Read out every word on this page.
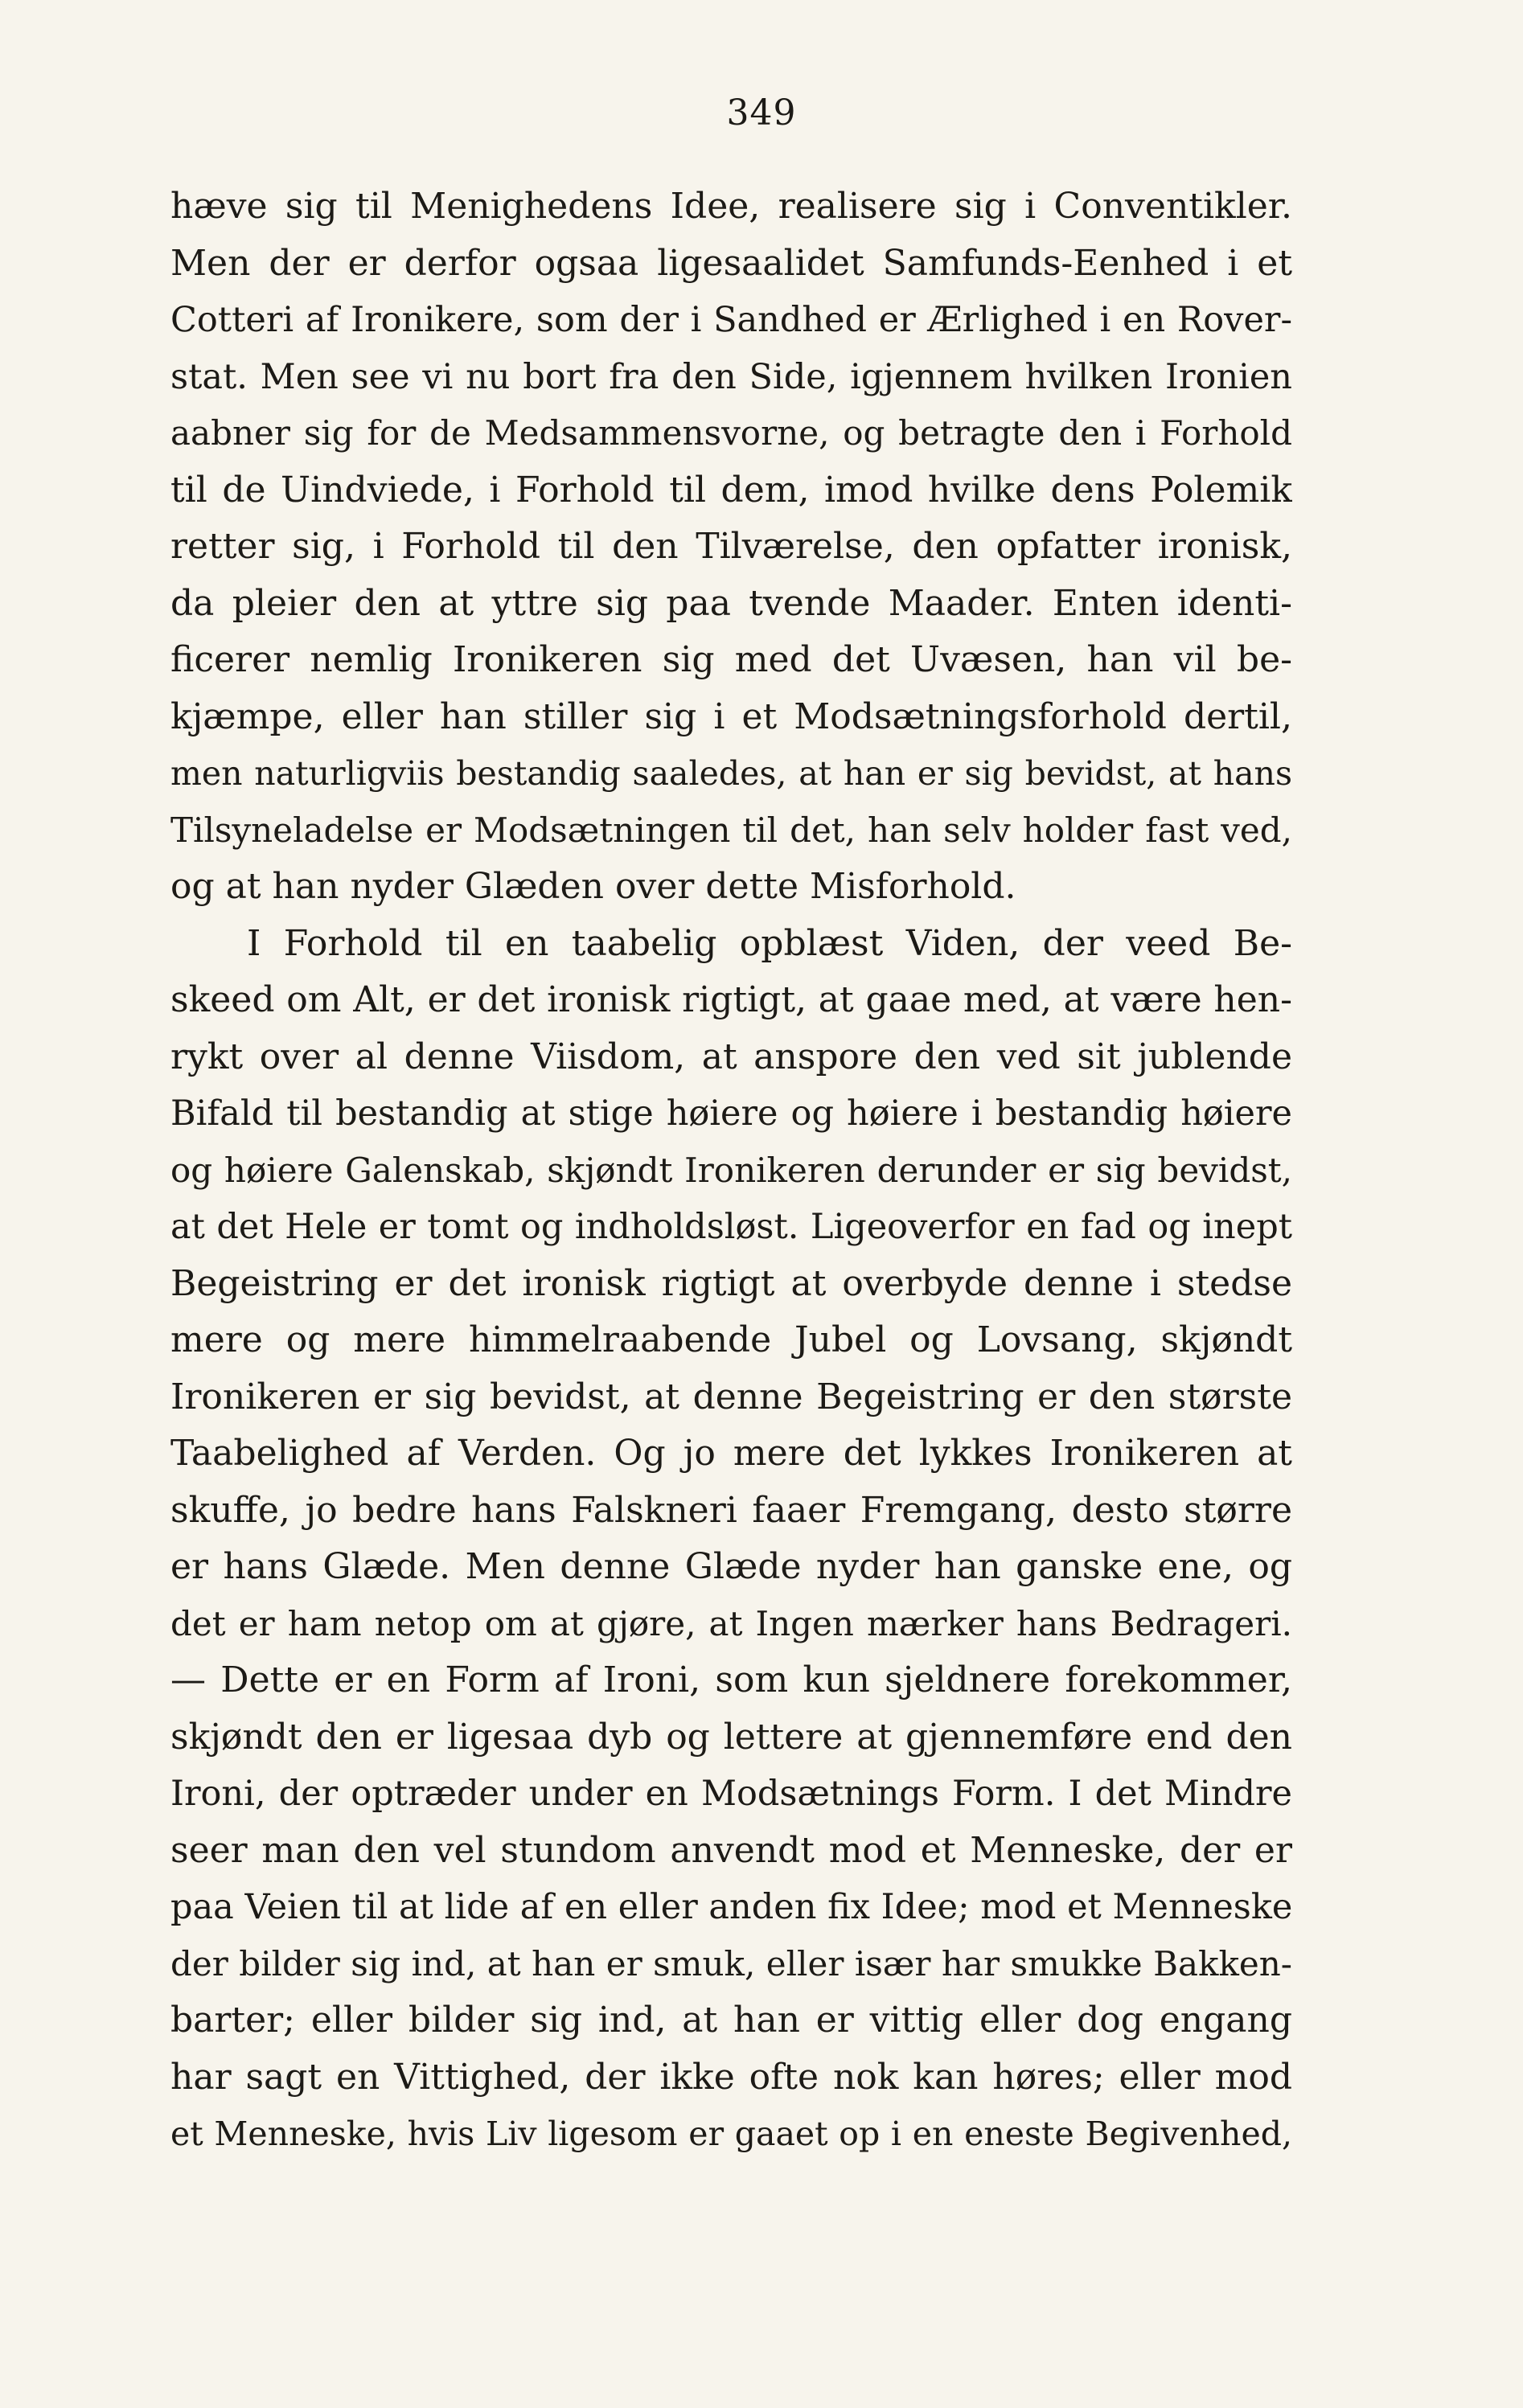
349
hæve sig til Menighedens Idee, realisere sig i Conventikler.
Men der er derfor ogsaa ligesaalidet Samfunds-Eenhed i et
Cotteri af Ironikere, som der i Sandhed er Ærlighed i en Rover-
stat. Men see vi nu bort fra den Side, igjennem hvilken Ironien
aabner sig for de Medsammensvorne, og betragte den i Forhold
til de Uindviede, i Forhold til dem, imod hvilke dens Polemik
retter sig, i Forhold til den Tilværelse, den opfatter ironisk,
da pleier den at yttre sig paa tvende Maader. Enten identi-
ficerer nemlig Ironikeren sig med det Uvæsen, han vil be-
kjæmpe, eller han stiller sig i et Modsætningsforhold dertil,
men naturligviis bestandig saaledes, at han er sig bevidst, at hans
Tilsyneladelse er Modsætningen til det, han selv holder fast ved,
og at han nyder Glæden over dette Misforhold.
I Forhold til en taabelig opblæst Viden, der veed Be-
skeed om Alt, er det ironisk rigtigt, at gaae med, at være hen-
rykt over al denne Viisdom, at anspore den ved sit jublende
Bifald til bestandig at stige høiere og høiere i bestandig høiere
og høiere Galenskab, skjøndt Ironikeren derunder er sig bevidst,
at det Hele er tomt og indholdsløst. Ligeoverfor en fad og inept
Begeistring er det ironisk rigtigt at overbyde denne i stedse
mere og mere himmelraabende Jubel og Lovsang, skjøndt
Ironikeren er sig bevidst, at denne Begeistring er den største
Taabelighed af Verden. Og jo mere det lykkes Ironikeren at
skuffe, jo bedre hans Falskneri faaer Fremgang, desto større
er hans Glæde. Men denne Glæde nyder han ganske ene, og
det er ham netop om at gjøre, at Ingen mærker hans Bedrageri.
— Dette er en Form af Ironi, som kun sjeldnere forekommer,
skjøndt den er ligesaa dyb og lettere at gjennemføre end den
Ironi, der optræder under en Modsætnings Form. I det Mindre
seer man den vel stundom anvendt mod et Menneske, der er
paa Veien til at lide af en eller anden fix Idee; mod et Menneske
der bilder sig ind, at han er smuk, eller især har smukke Bakken-
barter; eller bilder sig ind, at han er vittig eller dog engang
har sagt en Vittighed, der ikke ofte nok kan høres; eller mod
et Menneske, hvis Liv ligesom er gaaet op i en eneste Begivenhed,
